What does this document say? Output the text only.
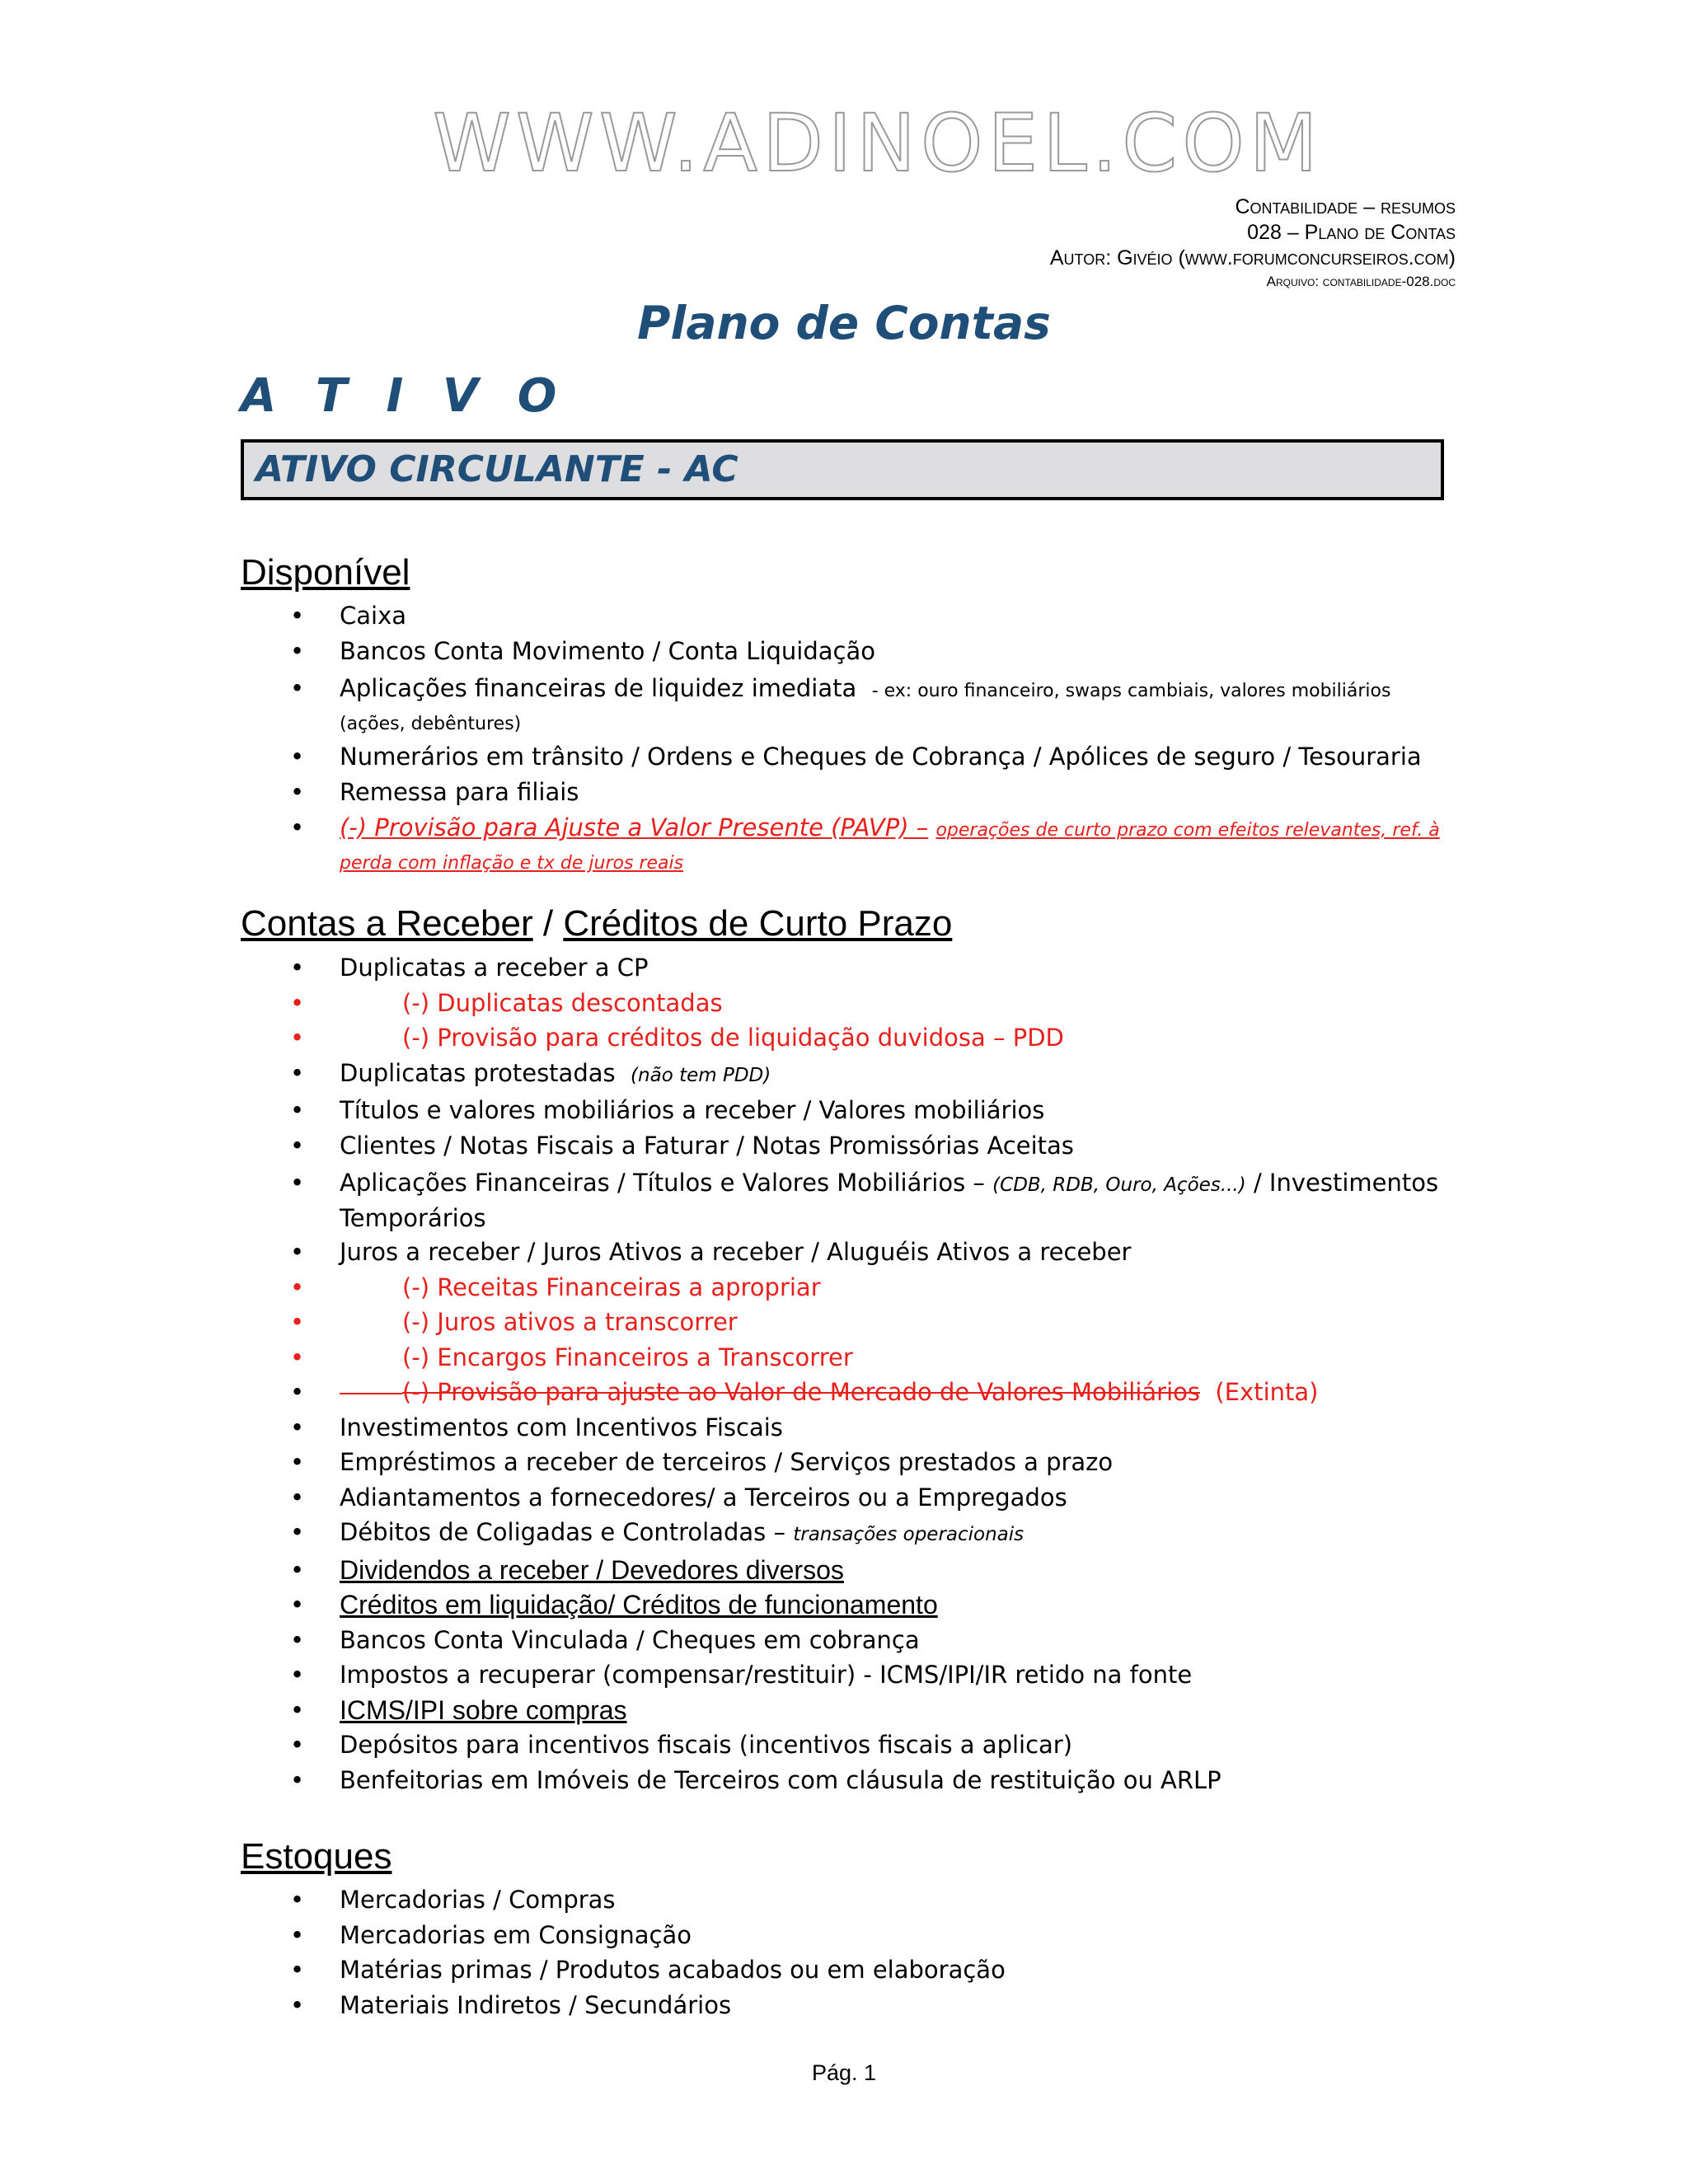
WWW.ADINOEL.COM
Contabilidade – resumos
028 – Plano de Contas
Autor: Givéio (www.forumconcurseiros.com)
Arquivo: contabilidade-028.doc
Plano de Contas
A T I V O
ATIVO CIRCULANTE - AC
Disponível
• Caixa
• Bancos Conta Movimento / Conta Liquidação
• Aplicações financeiras de liquidez imediata - ex: ouro financeiro, swaps cambiais, valores mobiliários (ações, debêntures)
• Numerários em trânsito / Ordens e Cheques de Cobrança / Apólices de seguro / Tesouraria
• Remessa para filiais
• (-) Provisão para Ajuste a Valor Presente (PAVP) – operações de curto prazo com efeitos relevantes, ref. à perda com inflação e tx de juros reais
Contas a Receber / Créditos de Curto Prazo
• Duplicatas a receber a CP
•	(-) Duplicatas descontadas
•	(-) Provisão para créditos de liquidação duvidosa – PDD
• Duplicatas protestadas (não tem PDD)
• Títulos e valores mobiliários a receber / Valores mobiliários
• Clientes / Notas Fiscais a Faturar / Notas Promissórias Aceitas
• Aplicações Financeiras / Títulos e Valores Mobiliários – (CDB, RDB, Ouro, Ações...) / Investimentos Temporários
• Juros a receber / Juros Ativos a receber / Aluguéis Ativos a receber
•	(-) Receitas Financeiras a apropriar
•	(-) Juros ativos a transcorrer
•	(-) Encargos Financeiros a Transcorrer
•	(-) Provisão para ajuste ao Valor de Mercado de Valores Mobiliários (Extinta)
• Investimentos com Incentivos Fiscais
• Empréstimos a receber de terceiros / Serviços prestados a prazo
• Adiantamentos a fornecedores/ a Terceiros ou a Empregados
• Débitos de Coligadas e Controladas – transações operacionais
• Dividendos a receber / Devedores diversos
• Créditos em liquidação/ Créditos de funcionamento
• Bancos Conta Vinculada / Cheques em cobrança
• Impostos a recuperar (compensar/restituir) - ICMS/IPI/IR retido na fonte
• ICMS/IPI sobre compras
• Depósitos para incentivos fiscais (incentivos fiscais a aplicar)
• Benfeitorias em Imóveis de Terceiros com cláusula de restituição ou ARLP
Estoques
• Mercadorias / Compras
• Mercadorias em Consignação
• Matérias primas / Produtos acabados ou em elaboração
• Materiais Indiretos / Secundários
Pág. 1
